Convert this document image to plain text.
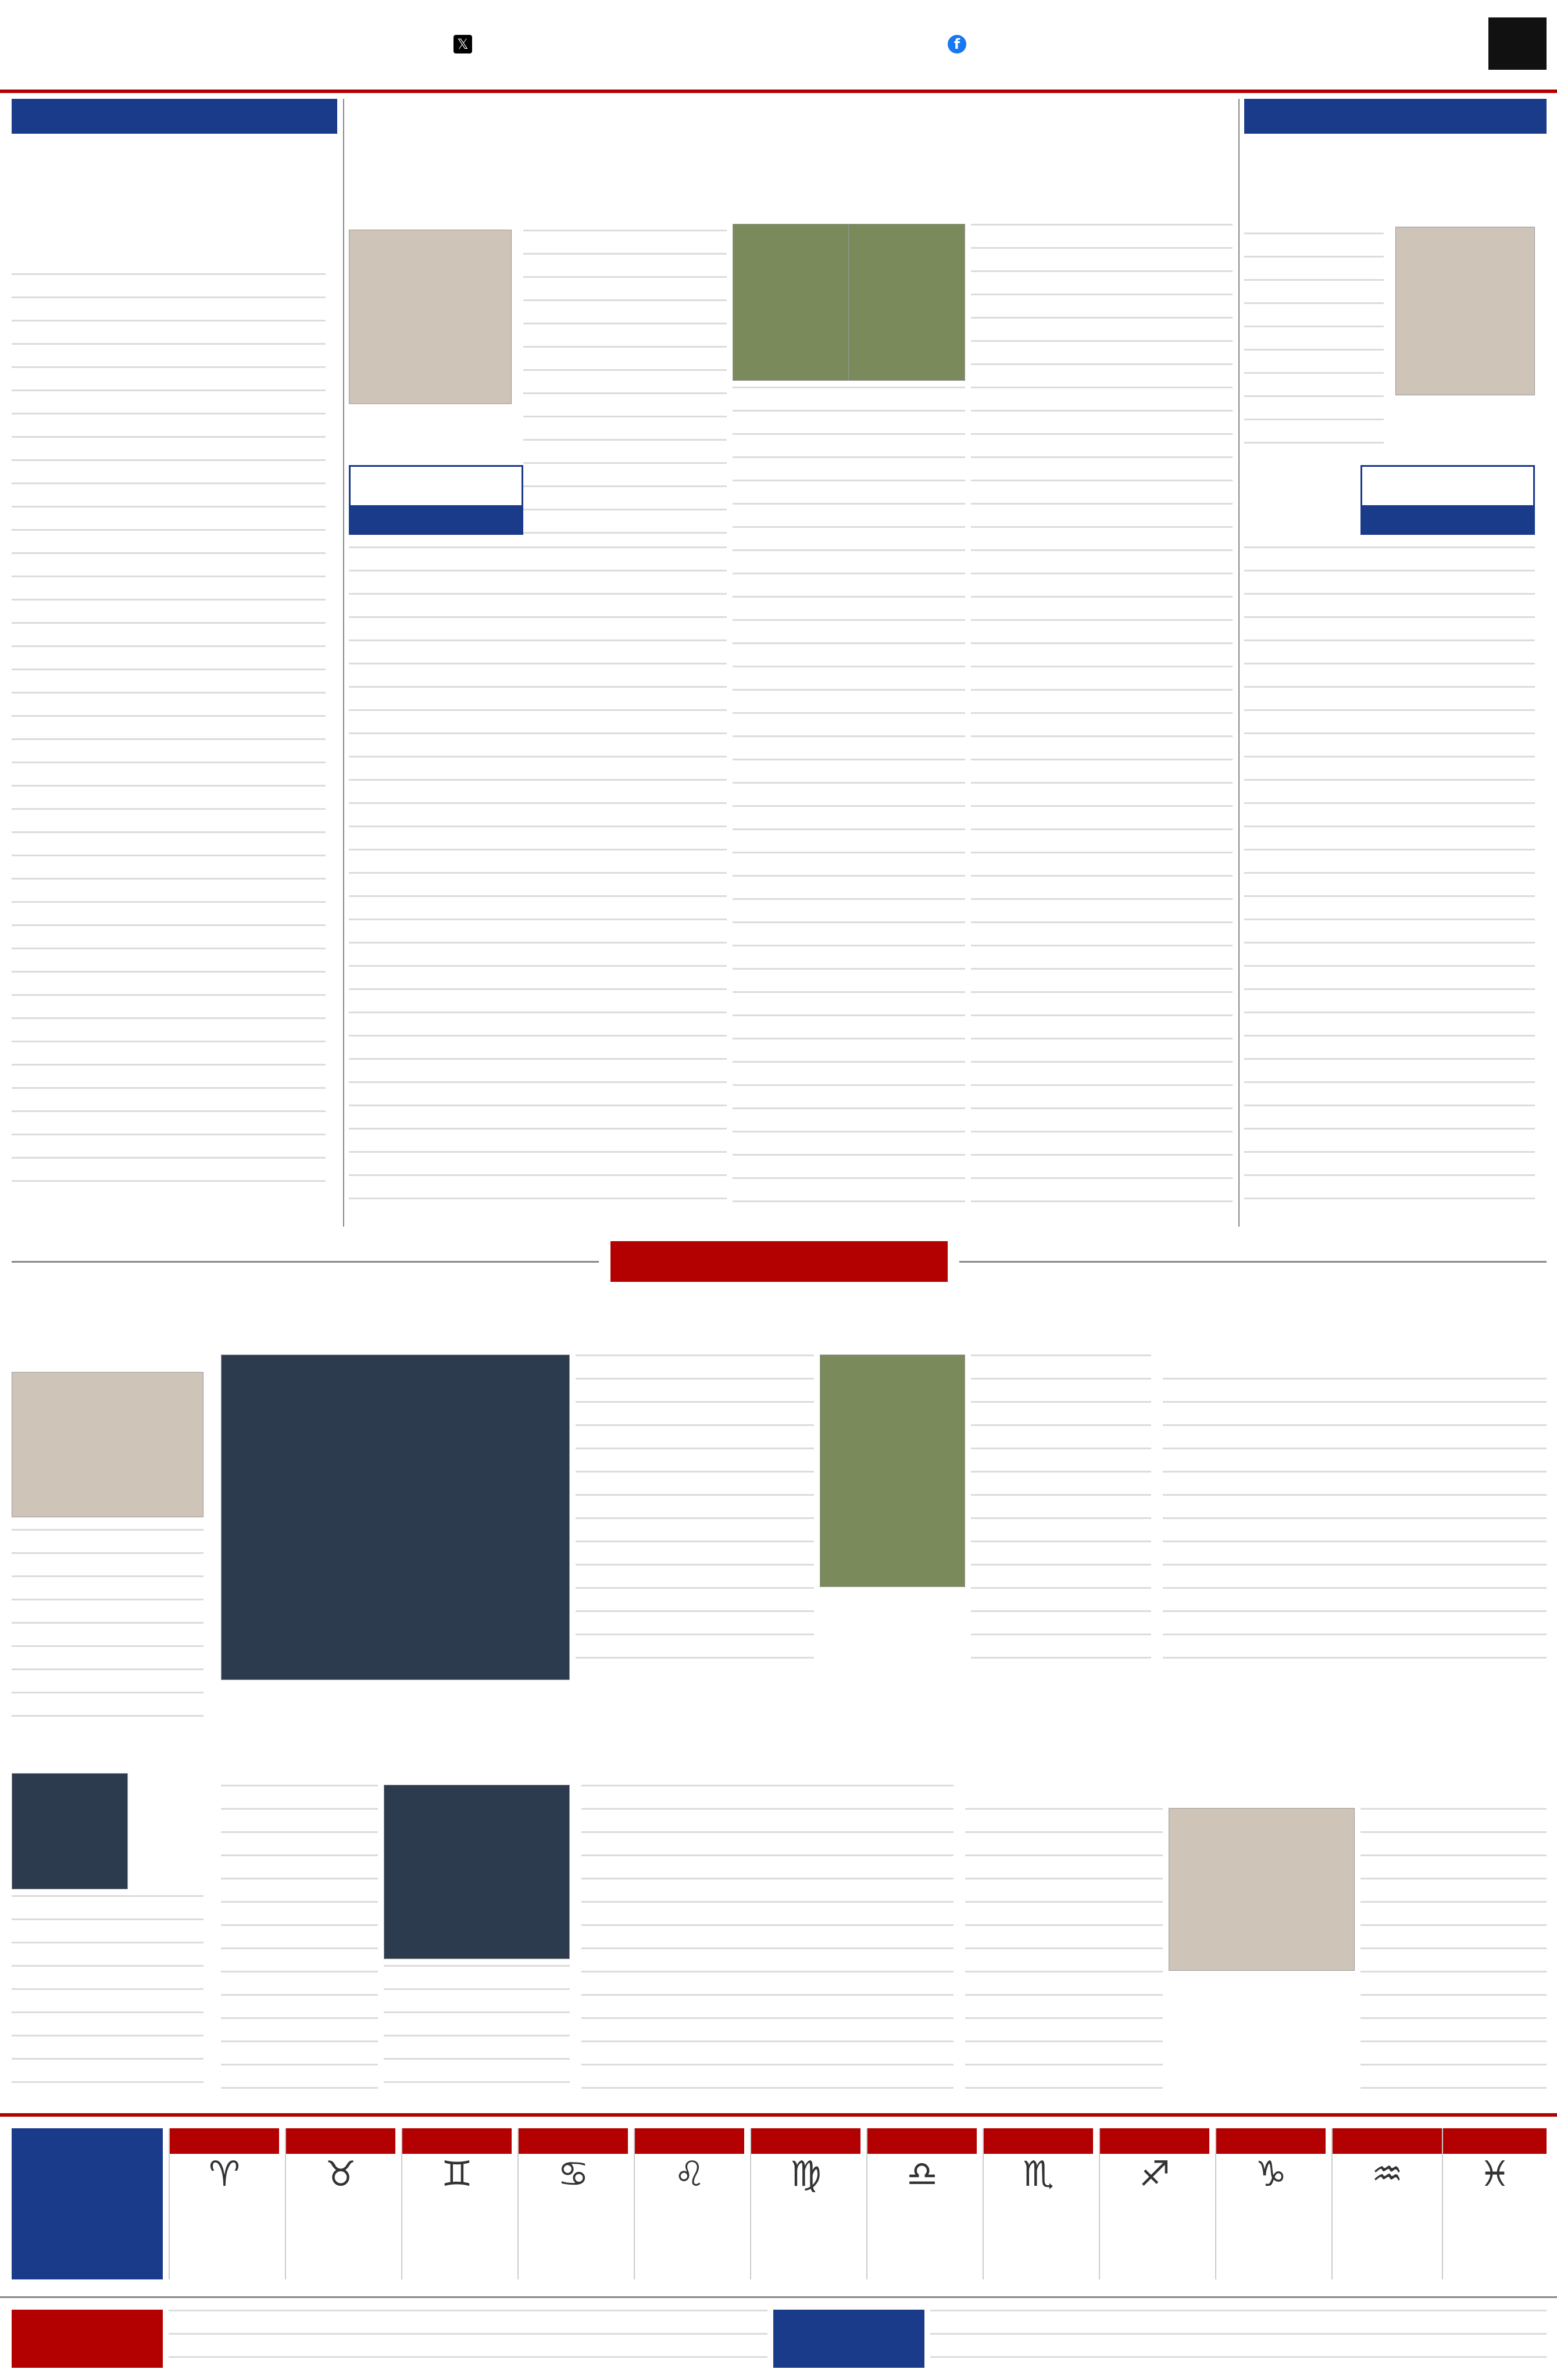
𝕏	f
♈	♉	♊	♋	♌	♍	♎	♏	♐	♑	♒	♓
